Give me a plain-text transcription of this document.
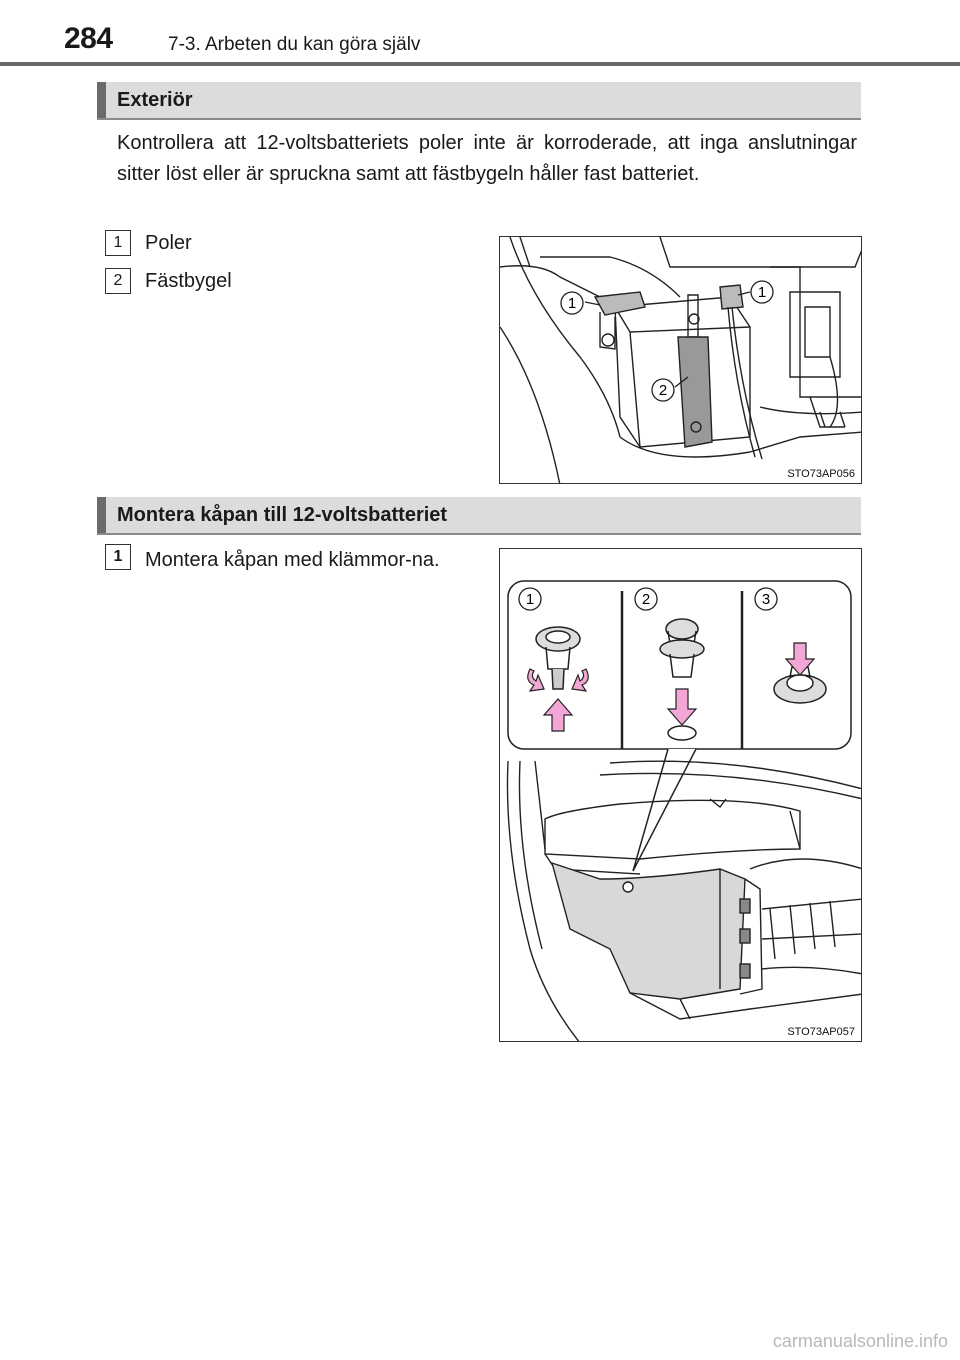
284	7-3. Arbeten du kan göra själv
Exteriör

Kontrollera att 12-voltsbatteriets poler inte är korroderade, att inga anslutningar sitter löst eller är spruckna samt att fästbygeln håller fast batteriet.

1	Poler
2	Fästbygel
1
1
2
STO73AP056
Montera kåpan till 12-voltsbatteriet
1	Montera kåpan med klämmor-na.
1	2	3
STO73AP057
carmanualsonline.info
